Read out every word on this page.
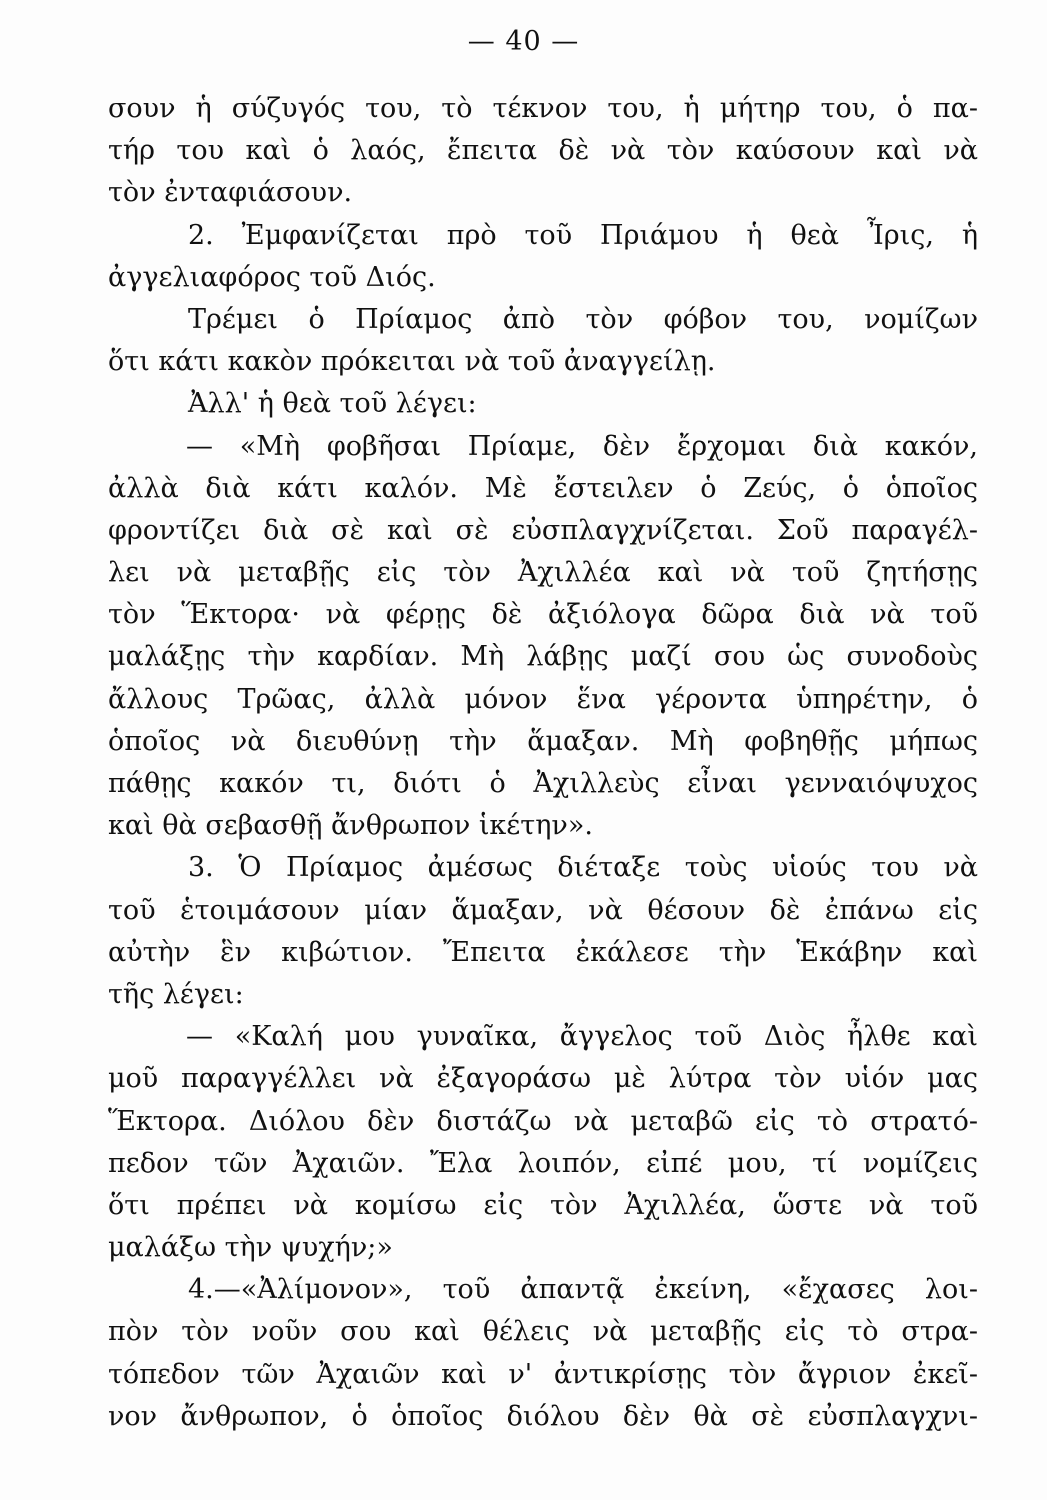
— 40 —
σουν ἡ σύζυγός του, τὸ τέκνον του, ἡ μήτηρ του, ὁ πα-
τήρ του καὶ ὁ λαός, ἔπειτα δὲ νὰ τὸν καύσουν καὶ νὰ
τὸν ἐνταφιάσουν.
2. Ἐμφανίζεται πρὸ τοῦ Πριάμου ἡ θεὰ Ἶρις, ἡ
ἀγγελιαφόρος τοῦ Διός.
Τρέμει ὁ Πρίαμος ἀπὸ τὸν φόβον του, νομίζων
ὅτι κάτι κακὸν πρόκειται νὰ τοῦ ἀναγγείλῃ.
Ἀλλ' ἡ θεὰ τοῦ λέγει:
— «Μὴ φοβῆσαι Πρίαμε, δὲν ἔρχομαι διὰ κακόν,
ἀλλὰ διὰ κάτι καλόν. Μὲ ἔστειλεν ὁ Ζεύς, ὁ ὁποῖος
φροντίζει διὰ σὲ καὶ σὲ εὐσπλαγχνίζεται. Σοῦ παραγέλ-
λει νὰ μεταβῇς εἰς τὸν Ἀχιλλέα καὶ νὰ τοῦ ζητήσῃς
τὸν Ἕκτορα· νὰ φέρῃς δὲ ἀξιόλογα δῶρα διὰ νὰ τοῦ
μαλάξῃς τὴν καρδίαν. Μὴ λάβῃς μαζί σου ὡς συνοδοὺς
ἄλλους Τρῶας, ἀλλὰ μόνον ἕνα γέροντα ὑπηρέτην, ὁ
ὁποῖος νὰ διευθύνῃ τὴν ἅμαξαν. Μὴ φοβηθῇς μήπως
πάθῃς κακόν τι, διότι ὁ Ἀχιλλεὺς εἶναι γενναιόψυχος
καὶ θὰ σεβασθῇ ἄνθρωπον ἱκέτην».
3. Ὁ Πρίαμος ἀμέσως διέταξε τοὺς υἱούς του νὰ
τοῦ ἑτοιμάσουν μίαν ἅμαξαν, νὰ θέσουν δὲ ἐπάνω εἰς
αὐτὴν ἓν κιβώτιον. Ἔπειτα ἐκάλεσε τὴν Ἑκάβην καὶ
τῆς λέγει:
— «Καλή μου γυναῖκα, ἄγγελος τοῦ Διὸς ἦλθε καὶ
μοῦ παραγγέλλει νὰ ἐξαγοράσω μὲ λύτρα τὸν υἱόν μας
Ἕκτορα. Διόλου δὲν διστάζω νὰ μεταβῶ εἰς τὸ στρατό-
πεδον τῶν Ἀχαιῶν. Ἔλα λοιπόν, εἰπέ μου, τί νομίζεις
ὅτι πρέπει νὰ κομίσω εἰς τὸν Ἀχιλλέα, ὥστε νὰ τοῦ
μαλάξω τὴν ψυχήν;»
4.—«Ἀλίμονον», τοῦ ἀπαντᾷ ἐκείνη, «ἔχασες λοι-
πὸν τὸν νοῦν σου καὶ θέλεις νὰ μεταβῇς εἰς τὸ στρα-
τόπεδον τῶν Ἀχαιῶν καὶ ν' ἀντικρίσῃς τὸν ἄγριον ἐκεῖ-
νον ἄνθρωπον, ὁ ὁποῖος διόλου δὲν θὰ σὲ εὐσπλαγχνι-
